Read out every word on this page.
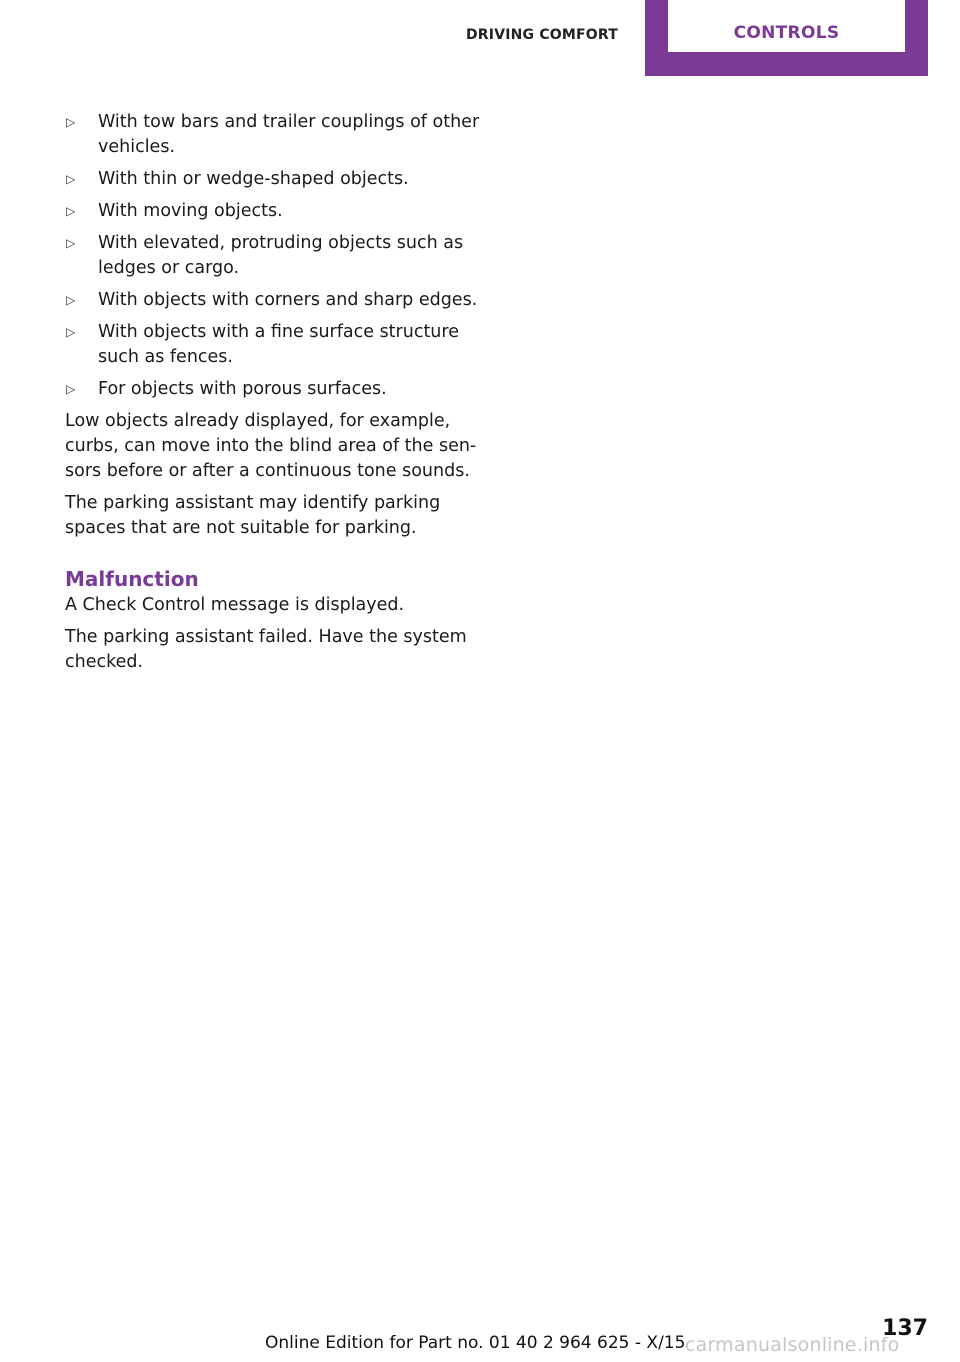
DRIVING COMFORT	CONTROLS
▷ With tow bars and trailer couplings of other vehicles.
▷ With thin or wedge-shaped objects.
▷ With moving objects.
▷ With elevated, protruding objects such as ledges or cargo.
▷ With objects with corners and sharp edges.
▷ With objects with a fine surface structure such as fences.
▷ For objects with porous surfaces.

Low objects already displayed, for example, curbs, can move into the blind area of the sen‐sors before or after a continuous tone sounds.

The parking assistant may identify parking spaces that are not suitable for parking.

Malfunction

A Check Control message is displayed.

The parking assistant failed. Have the system checked.

137
Online Edition for Part no. 01 40 2 964 625 - X/15 carmanualsonline.info
